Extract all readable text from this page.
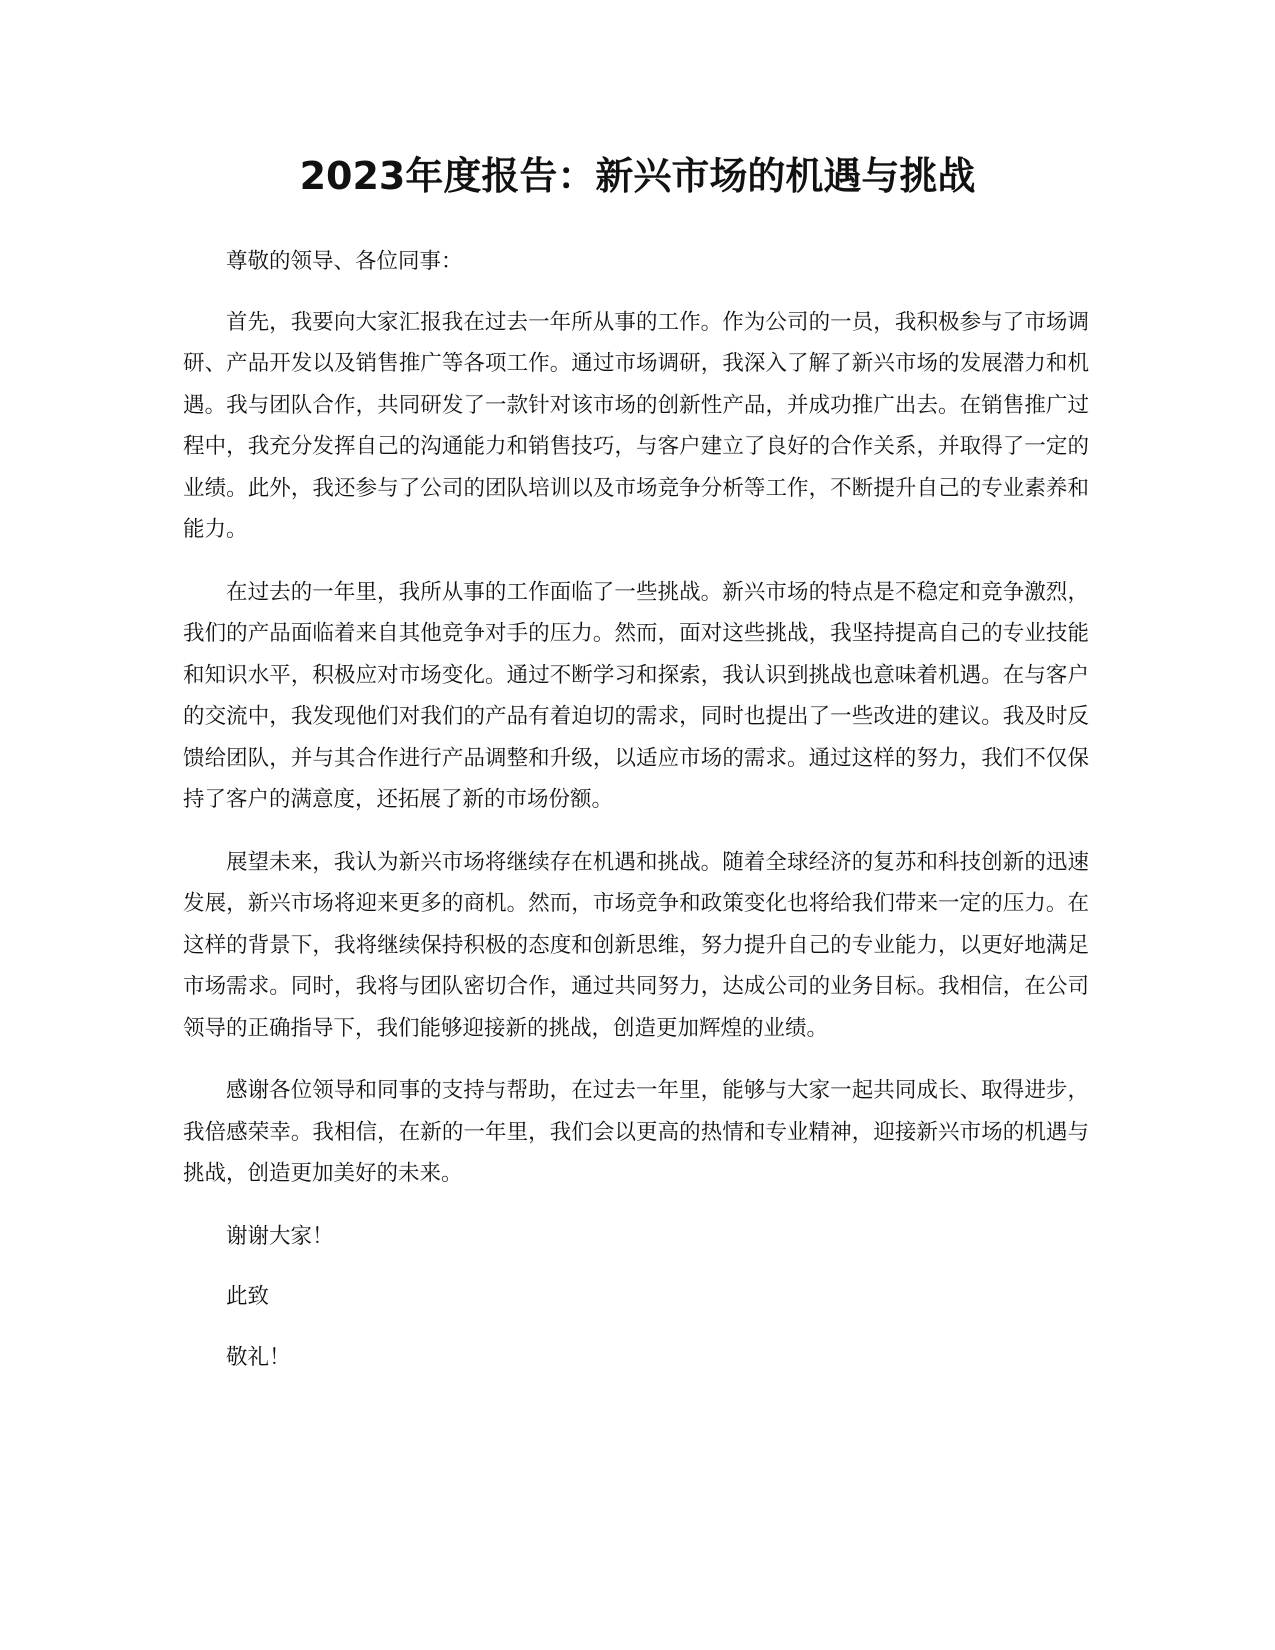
2023年度报告：新兴市场的机遇与挑战

尊敬的领导、各位同事：

首先，我要向大家汇报我在过去一年所从事的工作。作为公司的一员，我积极参与了市场调研、产品开发以及销售推广等各项工作。通过市场调研，我深入了解了新兴市场的发展潜力和机遇。我与团队合作，共同研发了一款针对该市场的创新性产品，并成功推广出去。在销售推广过程中，我充分发挥自己的沟通能力和销售技巧，与客户建立了良好的合作关系，并取得了一定的业绩。此外，我还参与了公司的团队培训以及市场竞争分析等工作，不断提升自己的专业素养和能力。

在过去的一年里，我所从事的工作面临了一些挑战。新兴市场的特点是不稳定和竞争激烈，我们的产品面临着来自其他竞争对手的压力。然而，面对这些挑战，我坚持提高自己的专业技能和知识水平，积极应对市场变化。通过不断学习和探索，我认识到挑战也意味着机遇。在与客户的交流中，我发现他们对我们的产品有着迫切的需求，同时也提出了一些改进的建议。我及时反馈给团队，并与其合作进行产品调整和升级，以适应市场的需求。通过这样的努力，我们不仅保持了客户的满意度，还拓展了新的市场份额。

展望未来，我认为新兴市场将继续存在机遇和挑战。随着全球经济的复苏和科技创新的迅速发展，新兴市场将迎来更多的商机。然而，市场竞争和政策变化也将给我们带来一定的压力。在这样的背景下，我将继续保持积极的态度和创新思维，努力提升自己的专业能力，以更好地满足市场需求。同时，我将与团队密切合作，通过共同努力，达成公司的业务目标。我相信，在公司领导的正确指导下，我们能够迎接新的挑战，创造更加辉煌的业绩。

感谢各位领导和同事的支持与帮助，在过去一年里，能够与大家一起共同成长、取得进步，我倍感荣幸。我相信，在新的一年里，我们会以更高的热情和专业精神，迎接新兴市场的机遇与挑战，创造更加美好的未来。

谢谢大家！

此致

敬礼！
